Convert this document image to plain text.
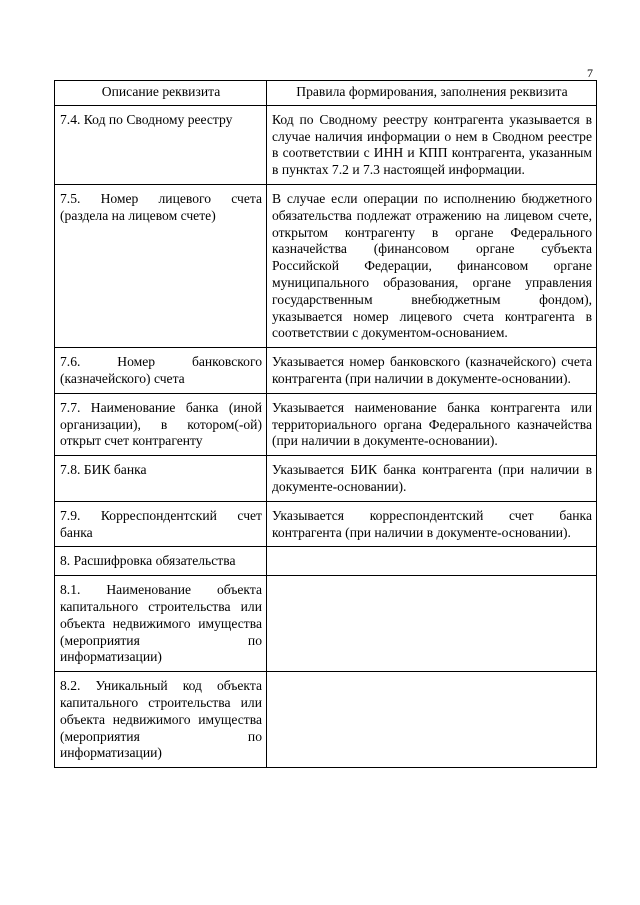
7
Описание реквизита	Правила формирования, заполнения реквизита
7.4. Код по Сводному реестру	Код по Сводному реестру контрагента указывается в случае наличия информации о нем в Сводном реестре в соответствии с ИНН и КПП контрагента, указанным в пунктах 7.2 и 7.3 настоящей информации.
7.5. Номер лицевого счета (раздела на лицевом счете)	В случае если операции по исполнению бюджетного обязательства подлежат отражению на лицевом счете, открытом контрагенту в органе Федерального казначейства (финансовом органе субъекта Российской Федерации, финансовом органе муниципального образования, органе управления государственным внебюджетным фондом), указывается номер лицевого счета контрагента в соответствии с документом-основанием.
7.6. Номер банковского (казначейского) счета	Указывается номер банковского (казначейского) счета контрагента (при наличии в документе-основании).
7.7. Наименование банка (иной организации), в котором(-ой) открыт счет контрагенту	Указывается наименование банка контрагента или территориального органа Федерального казначейства (при наличии в документе-основании).
7.8. БИК банка	Указывается БИК банка контрагента (при наличии в документе-основании).
7.9. Корреспондентский счет банка	Указывается корреспондентский счет банка контрагента (при наличии в документе-основании).
8. Расшифровка обязательства	
8.1. Наименование объекта капитального строительства или объекта недвижимого имущества (мероприятия по информатизации)	
8.2. Уникальный код объекта капитального строительства или объекта недвижимого имущества (мероприятия по информатизации)	
